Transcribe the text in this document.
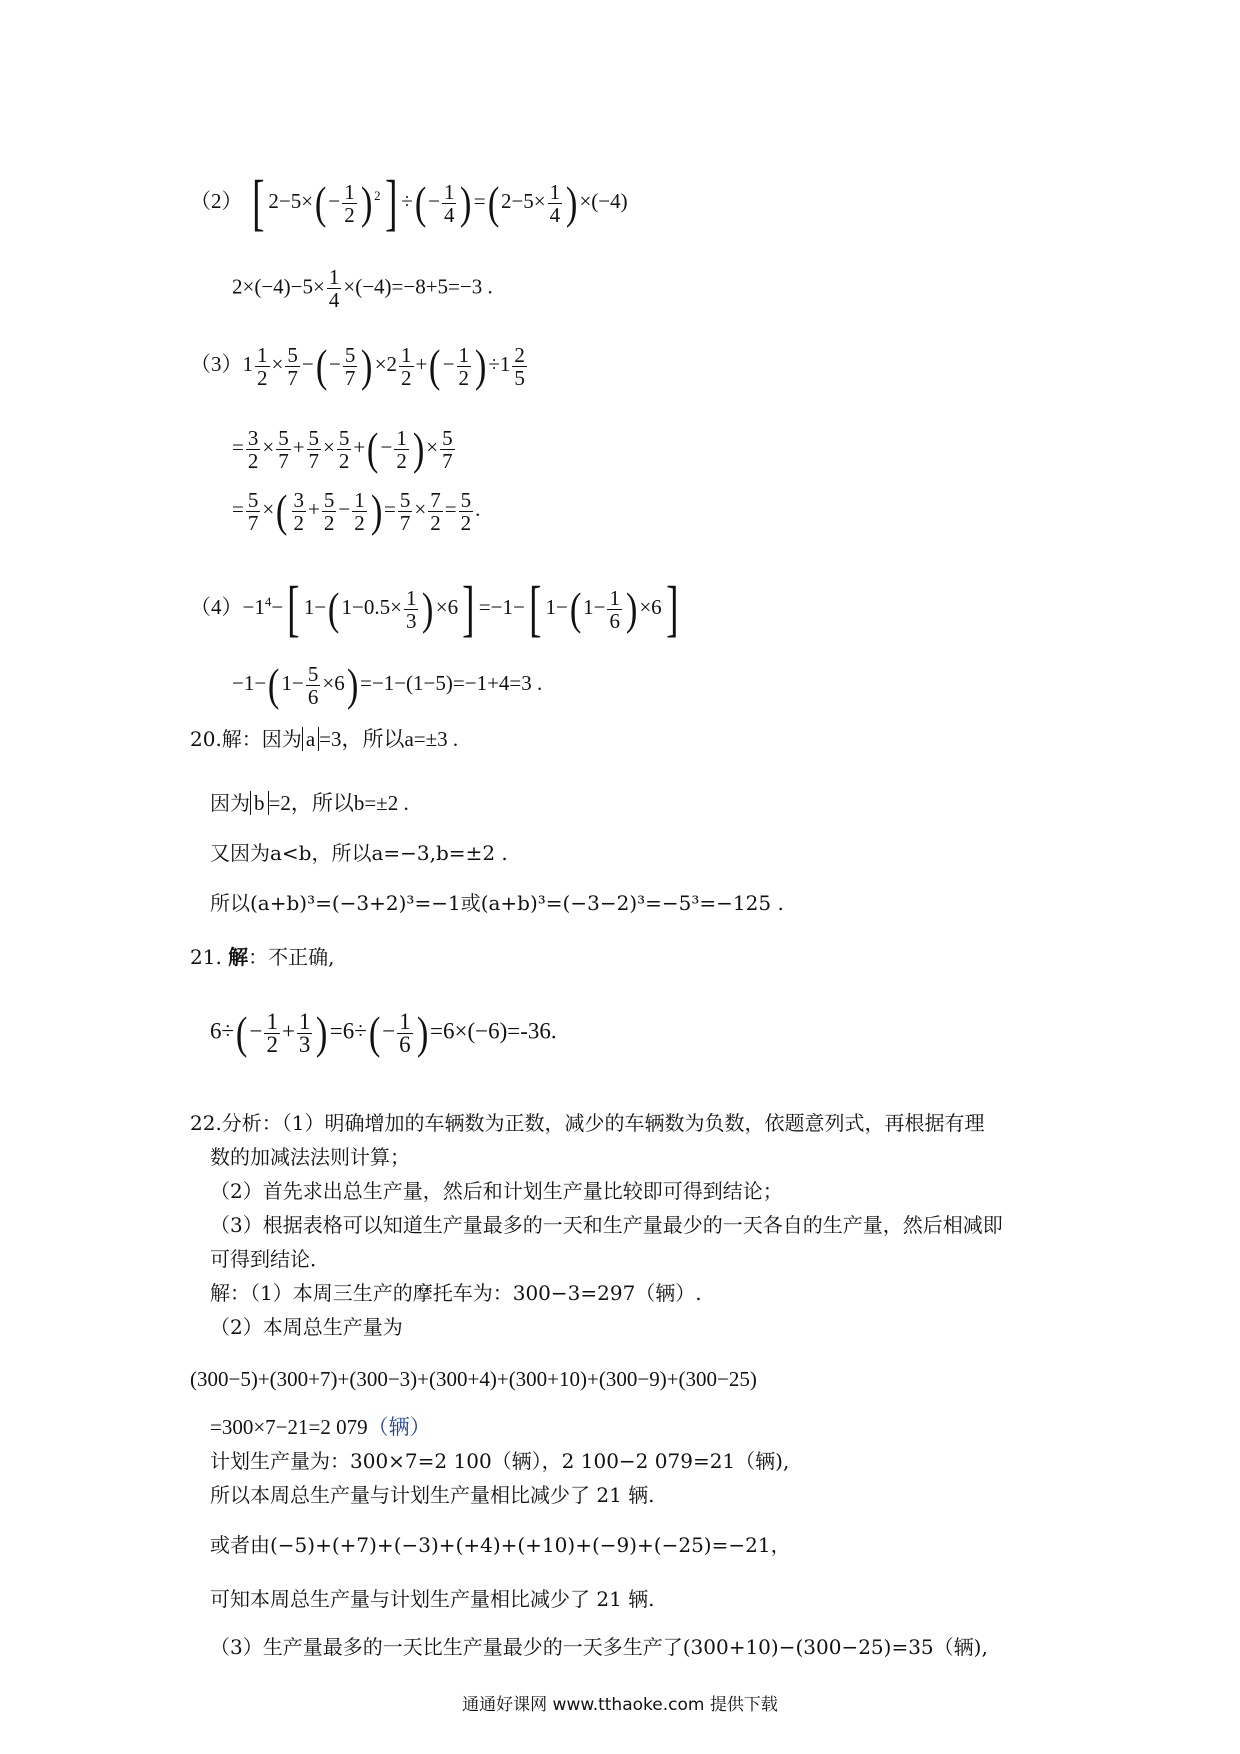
（2） [ $2-5\times(- \frac{1}{2}$ ) $^2$] ÷(− $\frac{1}{4} )=(2-5\times \frac{1}{4} )\times(-4)$
$2\times(-4)-5\times \frac{1}{4} \times(-4)=-8+5=-3$ .
$(3)1 \frac{1}{2} \times \frac{5}{7}$ −(− $\frac{5}{7} )\times 2 \frac{1}{2}$ +(− $\frac{1}{2} )\div 1 \frac{2}{5}$
= $\frac{3}{2} \times \frac{5}{7} + \frac{5}{7} \times \frac{5}{2}$ +(− $\frac{1}{2}$ )× $\frac{5}{7}$
= $\frac{5}{7}$ ×( $\frac{3}{2} + \frac{5}{2} - \frac{1}{2}$ )= $\frac{5}{7} \times \frac{7}{2} = \frac{5}{2}$ .
$(4)-1^4-$[ $1-(1-0.5\times \frac{1}{3} )\times 6] =-1-$[ $1-(1- \frac{1}{6} )\times 6$]
$-1-(1- \frac{5}{6} \times 6)=-1-(1-5)=-1+4=3$ .
20.解：因为 a =3，所以a=±3 .
因为 b =2，所以b=±2 .
又因为a<b，所以a=−3,b=±2 .
所以(a+b)³=(−3+2)³=−1或(a+b)³=(−3−2)³=−5³=−125 .
21. 解：不正确,
$6\div(- \frac{1}{2} + \frac{1}{3} )=6\div(- \frac{1}{6} )=6\times(-6)=-36$.
22.分析：（1）明确增加的车辆数为正数，减少的车辆数为负数，依题意列式，再根据有理
数的加减法法则计算；
（2）首先求出总生产量，然后和计划生产量比较即可得到结论；
（3）根据表格可以知道生产量最多的一天和生产量最少的一天各自的生产量，然后相减即
可得到结论．
解：（1）本周三生产的摩托车为：300−3=297（辆）.
（2）本周总生产量为
(300−5)+(300+7)+(300−3)+(300+4)+(300+10)+(300−9)+(300−25)
=300×7−21=2 079（辆）
计划生产量为：300×7=2 100（辆），2 100−2 079=21（辆),
所以本周总生产量与计划生产量相比减少了 21 辆.
或者由(−5)+(+7)+(−3)+(+4)+(+10)+(−9)+(−25)=−21，
可知本周总生产量与计划生产量相比减少了 21 辆.
（3）生产量最多的一天比生产量最少的一天多生产了(300+10)−(300−25)=35（辆),
通通好课网 www.tthaoke.com 提供下载
